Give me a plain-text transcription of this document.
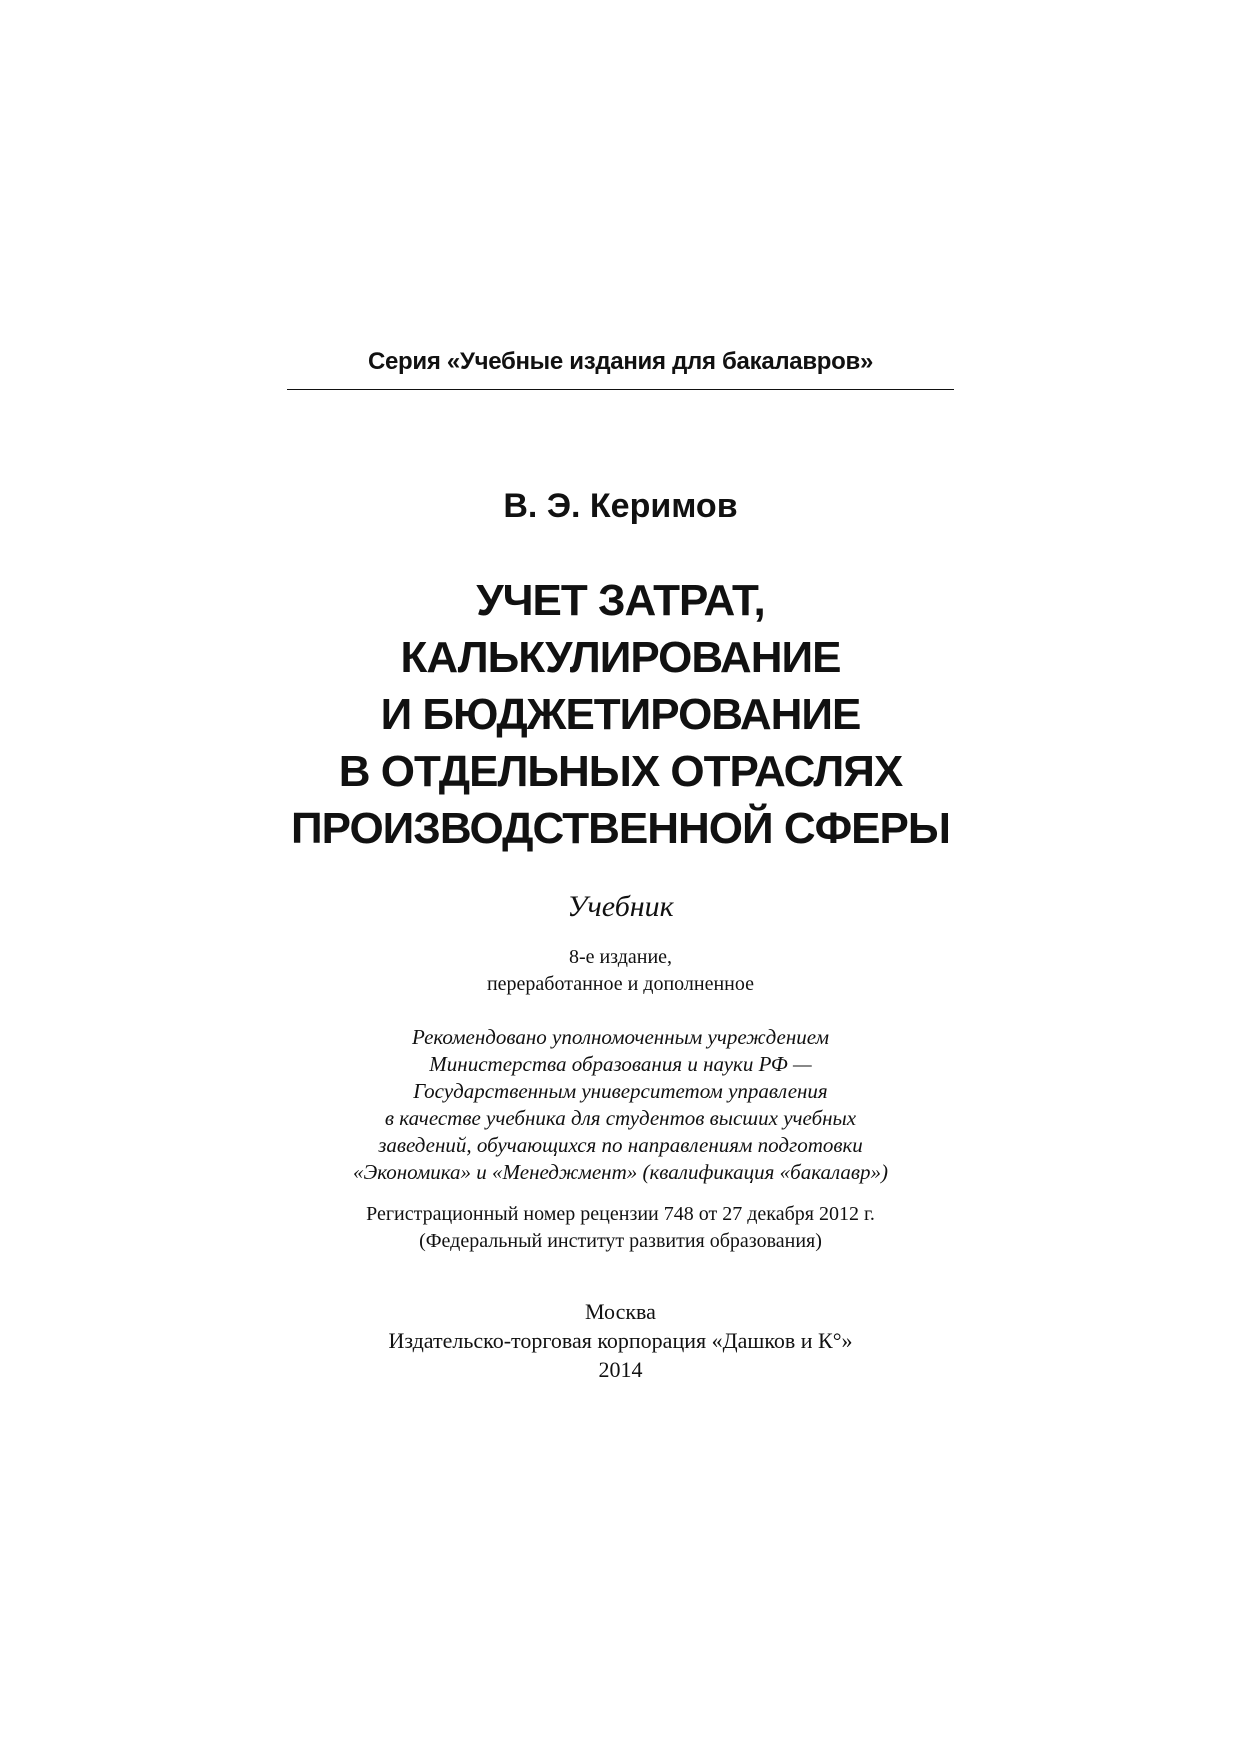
Серия «Учебные издания для бакалавров»
В. Э. Керимов
УЧЕТ ЗАТРАТ,
КАЛЬКУЛИРОВАНИЕ
И БЮДЖЕТИРОВАНИЕ
В ОТДЕЛЬНЫХ ОТРАСЛЯХ
ПРОИЗВОДСТВЕННОЙ СФЕРЫ
Учебник
8-е издание,
переработанное и дополненное
Рекомендовано уполномоченным учреждением
Министерства образования и науки РФ —
Государственным университетом управления
в качестве учебника для студентов высших учебных
заведений, обучающихся по направлениям подготовки
«Экономика» и «Менеджмент» (квалификация «бакалавр»)
Регистрационный номер рецензии 748 от 27 декабря 2012 г.
(Федеральный институт развития образования)
Москва
Издательско-торговая корпорация «Дашков и К°»
2014
